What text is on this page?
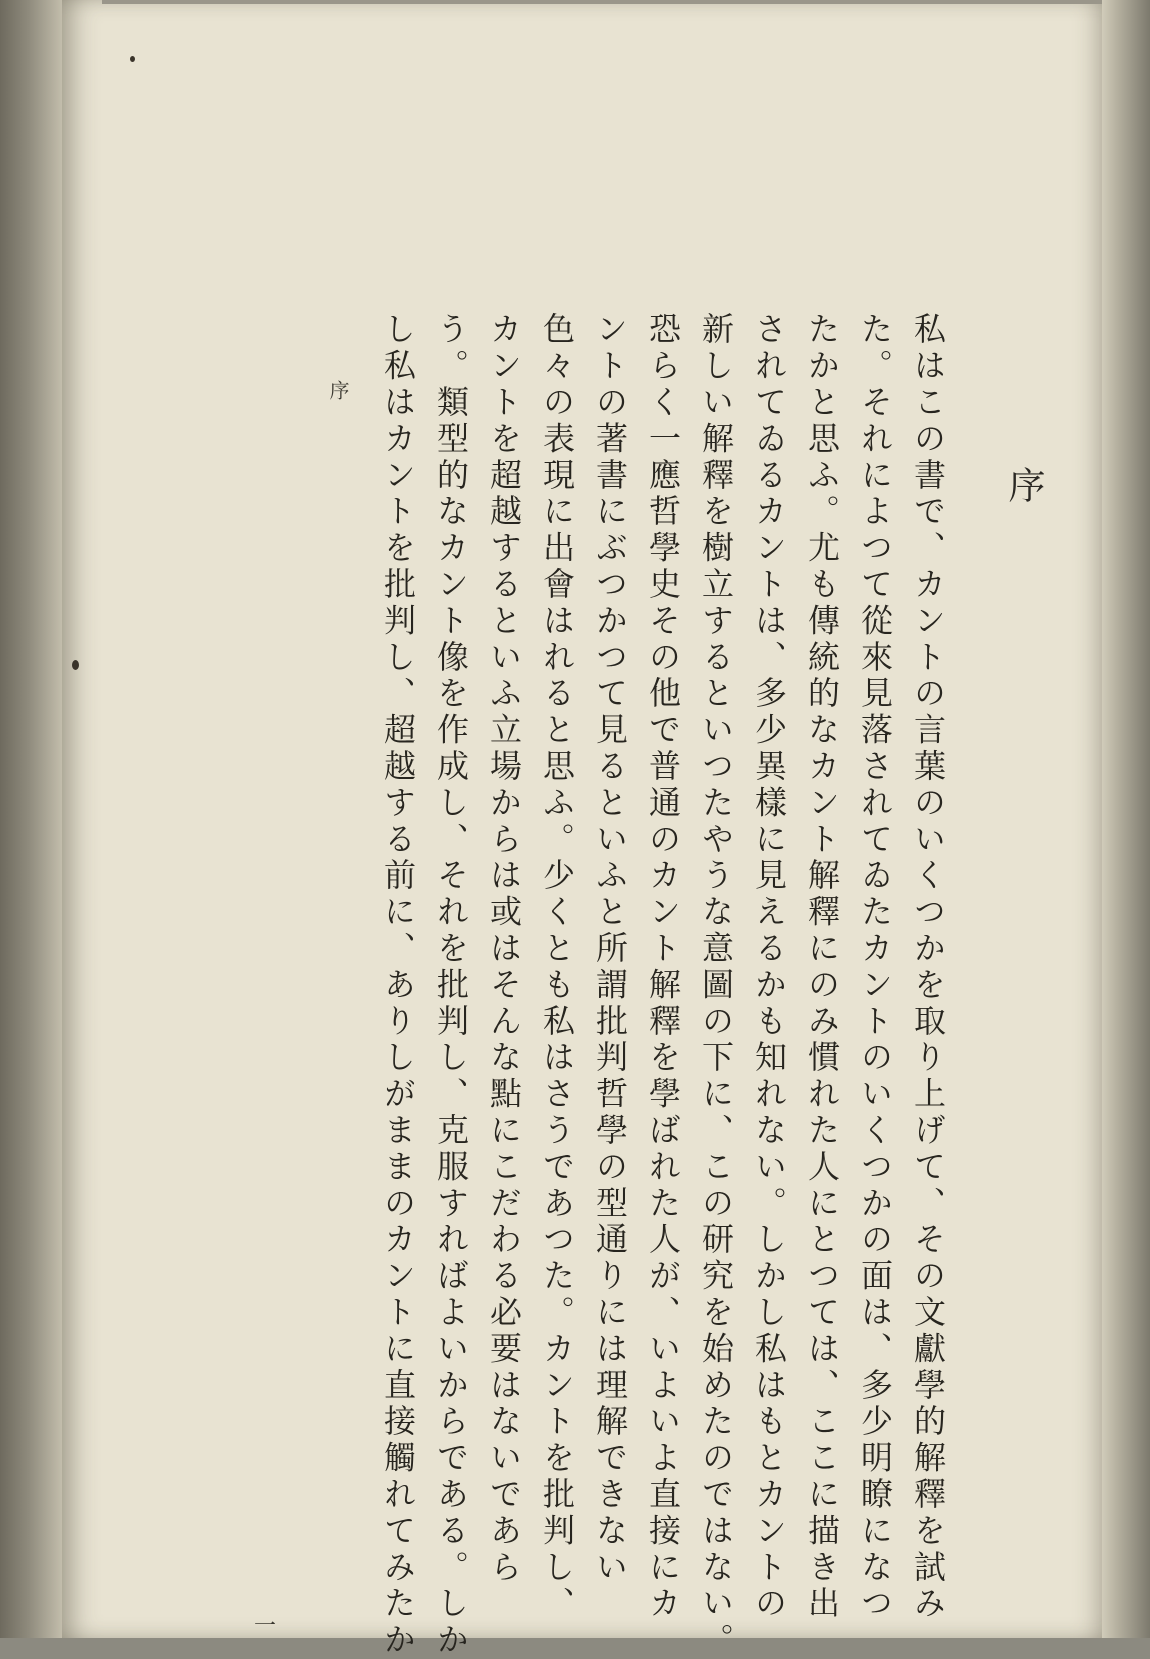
序
私はこの書で、カントの言葉のいくつかを取り上げて、その文獻學的解釋を試み
た。それによつて從來見落されてゐたカントのいくつかの面は、多少明瞭になつ
たかと思ふ。尤も傳統的なカント解釋にのみ慣れた人にとつては、ここに描き出
されてゐるカントは、多少異樣に見えるかも知れない。しかし私はもとカントの
新しい解釋を樹立するといつたやうな意圖の下に、この研究を始めたのではない。
恐らく一應哲學史その他で普通のカント解釋を學ばれた人が、いよいよ直接にカ
ントの著書にぶつかつて見るといふと所謂批判哲學の型通りには理解できない
色々の表現に出會はれると思ふ。少くとも私はさうであつた。カントを批判し、
カントを超越するといふ立場からは或はそんな點にこだわる必要はないであら
う。類型的なカント像を作成し、それを批判し、克服すればよいからである。しか
し私はカントを批判し、超越する前に、ありしがままのカントに直接觸れてみたか
序
一
